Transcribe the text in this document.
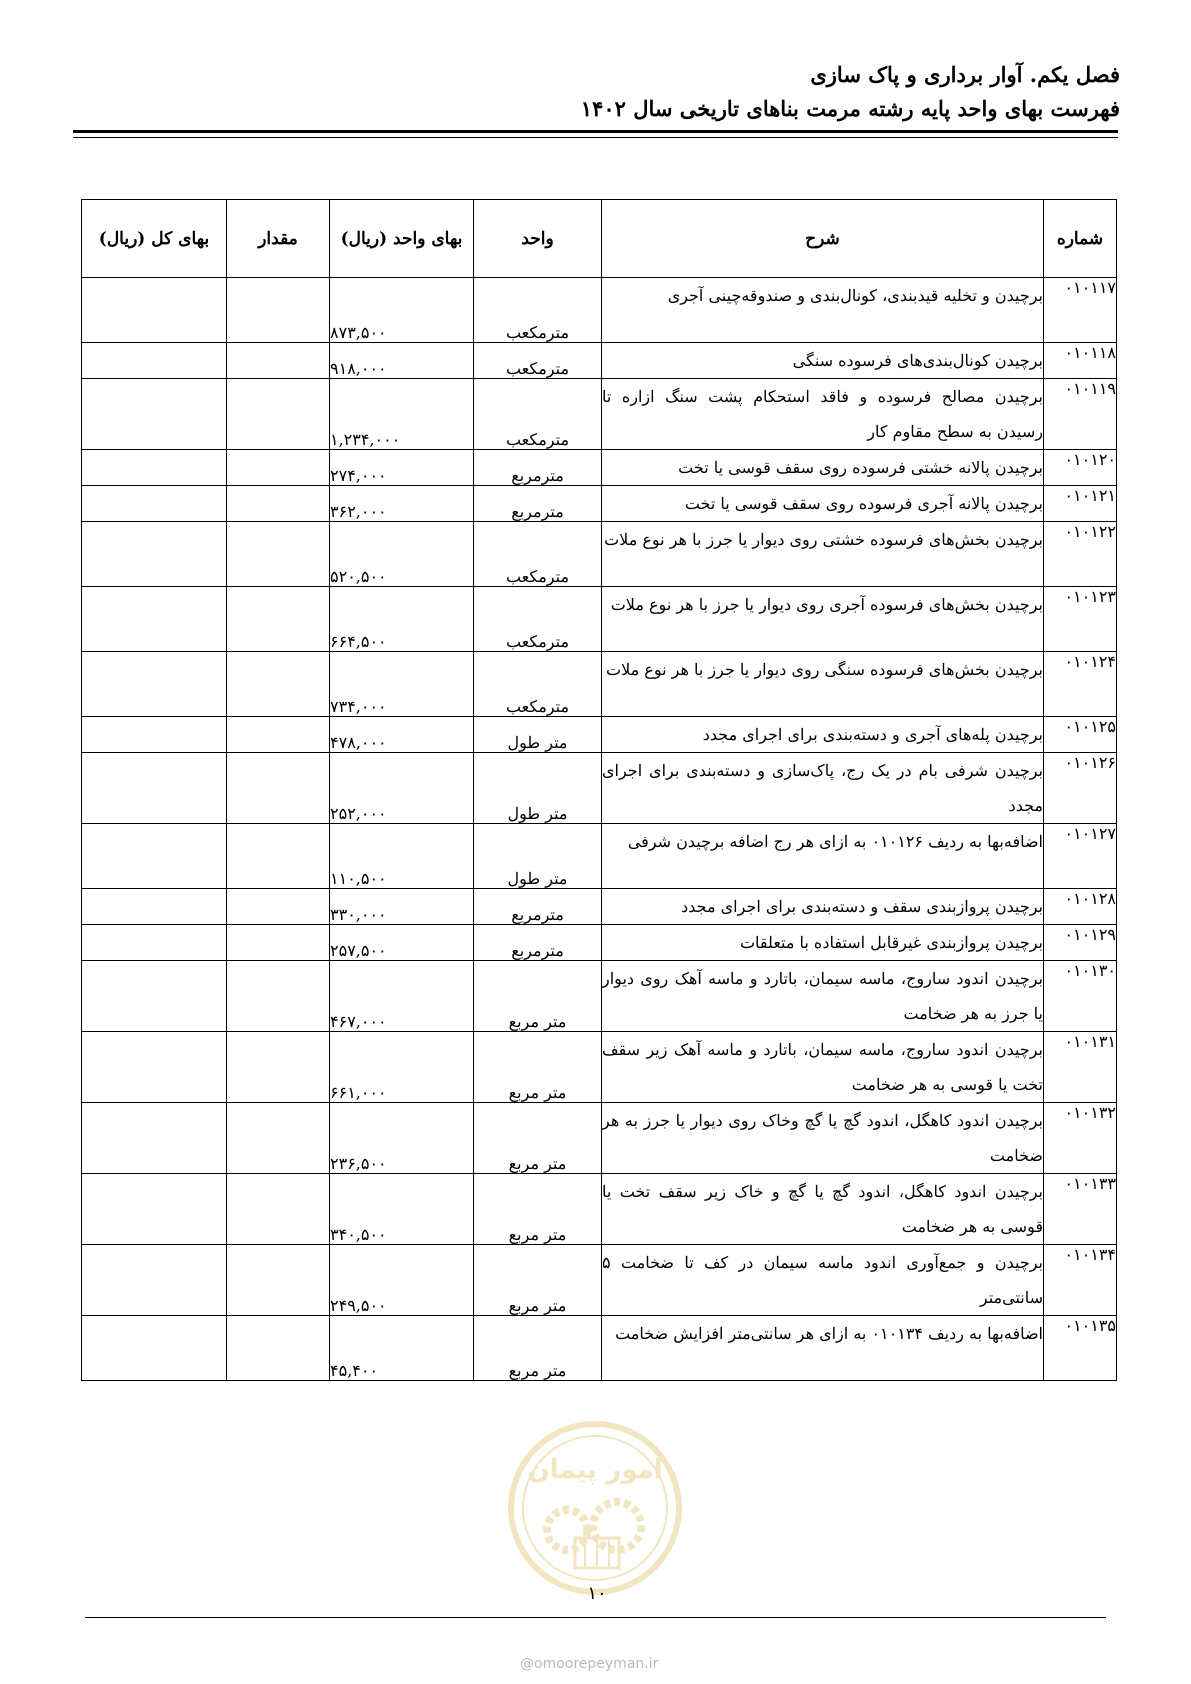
فصل یکم. آوار برداری و پاک سازی
فهرست بهای واحد پایه رشته مرمت بناهای تاریخی سال ۱۴۰۲
شماره	شرح	واحد	بهای واحد (ریال)	مقدار	بهای کل (ریال)
۰۱۰۱۱۷	برچیدن و تخلیه قیدبندی، کونال‌بندی و صندوقه‌چینی آجری	مترمکعب	۸۷۳,۵۰۰		
۰۱۰۱۱۸	برچیدن کونال‌بندی‌های فرسوده سنگی	مترمکعب	۹۱۸,۰۰۰		
۰۱۰۱۱۹	برچیدن مصالح فرسوده و فاقد استحکام پشت سنگ ازاره تا رسیدن به سطح مقاوم کار	مترمکعب	۱,۲۳۴,۰۰۰		
۰۱۰۱۲۰	برچیدن پالانه خشتی فرسوده روی سقف قوسی یا تخت	مترمربع	۲۷۴,۰۰۰		
۰۱۰۱۲۱	برچیدن پالانه آجری فرسوده روی سقف قوسی یا تخت	مترمربع	۳۶۲,۰۰۰		
۰۱۰۱۲۲	برچیدن بخش‌های فرسوده خشتی روی دیوار یا جرز با هر نوع ملات	مترمکعب	۵۲۰,۵۰۰		
۰۱۰۱۲۳	برچیدن بخش‌های فرسوده آجری روی دیوار یا جرز با هر نوع ملات	مترمکعب	۶۶۴,۵۰۰		
۰۱۰۱۲۴	برچیدن بخش‌های فرسوده سنگی روی دیوار یا جرز با هر نوع ملات	مترمکعب	۷۳۴,۰۰۰		
۰۱۰۱۲۵	برچیدن پله‌های آجری و دسته‌بندی برای اجرای مجدد	متر طول	۴۷۸,۰۰۰		
۰۱۰۱۲۶	برچیدن شرفی بام در یک رج، پاک‌سازی و دسته‌بندی برای اجرای مجدد	متر طول	۲۵۲,۰۰۰		
۰۱۰۱۲۷	اضافه‌بها به ردیف ۰۱۰۱۲۶ به ازای هر رج اضافه برچیدن شرفی	متر طول	۱۱۰,۵۰۰		
۰۱۰۱۲۸	برچیدن پروازبندی سقف و دسته‌بندی برای اجرای مجدد	مترمربع	۳۳۰,۰۰۰		
۰۱۰۱۲۹	برچیدن پروازبندی غیرقابل استفاده با متعلقات	مترمربع	۲۵۷,۵۰۰		
۰۱۰۱۳۰	برچیدن اندود ساروج، ماسه سیمان، باتارد و ماسه آهک روی دیوار یا جرز به هر ضخامت	متر مربع	۴۶۷,۰۰۰		
۰۱۰۱۳۱	برچیدن اندود ساروج، ماسه سیمان، باتارد و ماسه آهک زیر سقف تخت یا قوسی به هر ضخامت	متر مربع	۶۶۱,۰۰۰		
۰۱۰۱۳۲	برچیدن اندود کاهگل، اندود گچ یا گچ وخاک روی دیوار یا جرز به هر ضخامت	متر مربع	۲۳۶,۵۰۰		
۰۱۰۱۳۳	برچیدن اندود کاهگل، اندود گچ یا گچ و خاک زیر سقف تخت یا قوسی به هر ضخامت	متر مربع	۳۴۰,۵۰۰		
۰۱۰۱۳۴	برچیدن و جمع‌آوری اندود ماسه سیمان در کف تا ضخامت ۵ سانتی‌متر	متر مربع	۲۴۹,۵۰۰		
۰۱۰۱۳۵	اضافه‌بها به ردیف ۰۱۰۱۳۴ به ازای هر سانتی‌متر افزایش ضخامت	متر مربع	۴۵,۴۰۰		
امور پیمان
۱۰
@omoorepeyman.ir
